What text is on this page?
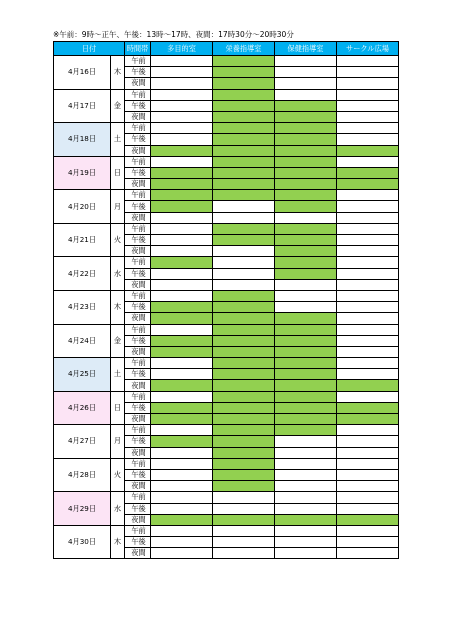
※午前：9時～正午、午後：13時～17時、夜間：17時30分～20時30分
日付		時間帯	多目的室	栄養指導室	保健指導室	サークル広場
4月16日	木	午前				
		午後				
		夜間				
4月17日	金	午前				
		午後				
		夜間				
4月18日	土	午前				
		午後				
		夜間				
4月19日	日	午前				
		午後				
		夜間				
4月20日	月	午前				
		午後				
		夜間				
4月21日	火	午前				
		午後				
		夜間				
4月22日	水	午前				
		午後				
		夜間				
4月23日	木	午前				
		午後				
		夜間				
4月24日	金	午前				
		午後				
		夜間				
4月25日	土	午前				
		午後				
		夜間				
4月26日	日	午前				
		午後				
		夜間				
4月27日	月	午前				
		午後				
		夜間				
4月28日	火	午前				
		午後				
		夜間				
4月29日	水	午前				
		午後				
		夜間				
4月30日	木	午前				
		午後				
		夜間				
